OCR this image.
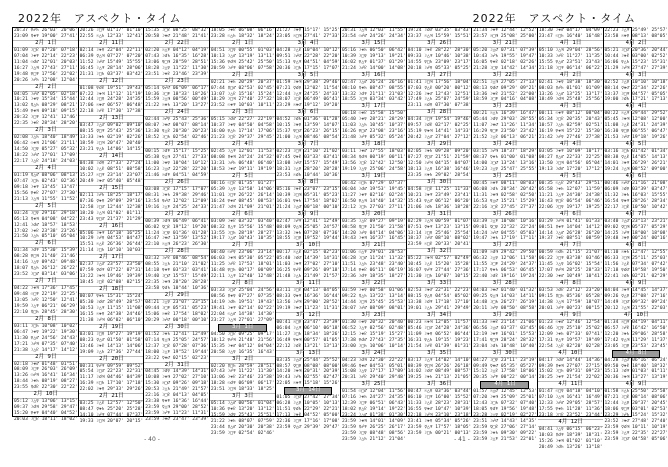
2022年　アスペクト・タイム
20:37 ♀☍♄ 26°03' 20°06'
23:09 ☿⚹♆ 19°00' 27°41'
2月 1日
01:09 ☽□♇ 07°20' 07°18'
07:04 ☽⚹♆ 22°14' 22°23'
11:04 ☉☌♂ 12°01' 20°03'
16:27 ☽△♃ 27°43' 27°11'
19:48 ♀□♆ 17°56' 22°02'
20:26 ☽☍♄ 12°08' 12°04'
2月 2日
04:05 ☽☍♂ 02°05' 02°18'
10:21 ☽⚹♀ 15°34' 15°44'
13:02 ☿△♄ 08°29' 08°21'
15:49 ♀⚹♃ 09°18' 09°15'
20:32 ☽□♆ 12°41' 12°46'
22:35 ☽⚹♇ 28°34' 28°20'
2月 3日
02:08 ☽△♄ 18°40' 18°49'
06:42 ☉⚹♃ 21°06' 21°11'
14:50 ☽□♀ 05°27' 05°32'
18:22 ☽☍♂ 17°01' 17°09'
22:17 ☽△♇ 24°18' 24°03'
2月 4日
01:19 ☿△♂ 08°06' 08°13'
07:47 ☽□♄ 02°43' 02°36'
09:18 ☽⚹♆ 13°45' 13°47'
15:56 ♀⚹♇ 27°07' 27°30'
21:13 ☽△♃ 11°55' 11°52'
2月 5日
03:24 ☽□♀ 29°16' 29°18'
05:13 ☿⚹♃ 04°08' 04°22'
12:41 ☽☌♂ 18°57' 18°53'
17:02 ☽⚹♇ 23°38' 23°26'
21:50 ☽△♄ 05°10' 05°04'
2月 6日
01:34 ☽☌♆ 15°30' 15°39'
08:28 ♀□♃ 21°40' 21°46'
14:16 ☽△♀ 09°42' 09°48'
18:07 ☿△♄ 26°12' 26°22'
23:52 ☽□♂ 03°14' 03°06'
2月 7日
04:22 ☽⚹♃ 17°36' 17°45'
09:48 ☉□♆ 22°19' 22°25'
13:05 ☽☍♇ 12°50' 12°41'
19:59 ☽△♆ 06°21' 06°29'
22:10 ☿□♄ 28°45' 28°30'
2月 8日
03:11 ☽□♄ 10°08' 10°02'
06:47 ☽⚹♀ 19°22' 19°30'
11:30 ♀△♂ 24°56' 24°43'
17:21 ☽☍♃ 07°35' 07°40'
21:38 ☽△♇ 14°17' 14°12'
2月 9日
02:18 ☽⚹♂ 01°48' 01°51'
08:09 ☽□♆ 26°03' 26°09'
13:26 ☉☍♃ 16°41' 16°34'
18:44 ☽⚹♄ 08°19' 08°27'
23:55 ☿☌♇ 22°30' 22°22'
2月 10日
05:12 ☽△♀ 13°06' 13°15'
09:37 ☽☌♃ 29°58' 29°47'
15:20 ♀⚹♆ 04°40' 04°52'
20:03 ☽□♇ 18°11' 18°02'
20:26 ☽□♆ 01°17' 01°10'
22:55 ☉△♄ 12°33' 12°41'
2月 11日
02:14 ☽⚹♀ 22°04' 22°11'
06:39 ☿△♃ 07°27' 07°20'
11:52 ☽☍♂ 15°49' 15°55'
16:45 ☽△♆ 28°14' 28°06'
21:31 ☽□♄ 03°37' 03°42'
2月 12日
01:08 ♀☌♇ 19°51' 19°43'
07:22 ☽⚹♃ 11°12' 11°19'
12:44 ☽□♀ 24°28' 24°35'
17:06 ☉⚹♂ 06°57' 06°48'
22:18 ☽☍♇ 17°30' 17°38'
2月 13日
03:47 ☽△♂ 09°02' 09°10'
08:15 ☿□♆ 25°43' 25°36'
13:33 ☽⚹♄ 02°19' 02°26'
18:59 ☽□♃ 20°47' 20°40'
23:21 ♀△♄ 14°06' 14°15'
2月 14日
04:38 ☽☌♀ 27°33' 27°24'
10:02 ☽△♇ 08°51' 08°58'
15:27 ☉□♆ 23°14' 23°07'
20:49 ☽⚹♂ 05°40' 05°48'
2月 15日
02:11 ☽☍♄ 18°25' 18°17'
07:36 ☿⚹♀ 29°09' 29°16'
12:58 ☽□♂ 12°44' 12°38'
18:20 ☽△♃ 01°02' 01°11'
23:43 ♀□♂ 21°37' 21°29'
2月 16日
05:06 ☽⚹♆ 16°18' 16°25'
10:29 ☽☍♀ 04°53' 04°47'
15:51 ☉△♇ 26°36' 26°44'
21:14 ☽□♄ 10°10' 10°03'
2月 17日
02:37 ☽△♂ 23°57' 23°50'
07:59 ☿☌♆ 07°22' 07°31'
13:22 ☽⚹♃ 19°46' 19°39'
18:45 ☽□♇ 02°08' 02°15'
2月 18日
00:07 ♀⚹♄ 15°31' 15°24'
05:30 ☽☌♂ 28°49' 28°57'
10:53 ☽△♆ 11°15' 11°08'
16:15 ☉⚹♀ 24°38' 24°46'
21:38 ☽☍♃ 06°02' 06°10'
2月 19日
03:01 ☽□♀ 19°27' 19°19'
08:23 ☿△♂ 01°50' 01°58'
13:46 ☽⚹♇ 14°13' 14°06'
19:09 ☽△♄ 27°36' 27°44'
2月 20日
00:31 ♀☍♆ 09°59' 09°52'
05:54 ☽□♂ 22°23' 22°31'
11:17 ☽☌♃ 04°46' 04°39'
16:39 ☉□♄ 17°10' 17°18'
22:02 ☽⚹♀ 29°33' 29°26'
2月 21日
03:25 ☽△♇ 12°57' 12°50'
08:47 ☿⚹♄ 25°20' 25°28'
14:10 ☽☍♆ 07°44' 07°37'
19:33 ☽□♃ 20°07' 20°15'
15:35 ☽□♇ 08°25' 08°32'
20:58 ☽⚹♂ 21°48' 21°41'
2月 22日
02:20 ☉△♆ 04°12' 04°19'
07:43 ☽☌♄ 16°35' 16°28'
13:06 ♀□♃ 28°59' 28°51'
18:28 ☽△♀ 11°22' 11°30'
23:51 ☽⚹♇ 23°46' 23°39'
2月 23日
05:14 ☿☍♂ 06°09' 06°17'
10:36 ☽□♆ 18°33' 18°26'
15:59 ☽△♃ 00°56' 00°49'
21:22 ☉⚹♄ 13°20' 13°27'
2月 24日
02:44 ☽☍♀ 25°43' 25°36'
08:07 ☽⚹♂ 08°07' 08°14'
13:30 ♀△♇ 20°30' 20°23'
18:52 ☽□♄ 02°54' 02°46'
2月 25日
00:15 ☽☌♆ 15°17' 15°25'
05:38 ☿△♃ 27°41' 27°33'
11:00 ☽⚹♀ 10°04' 10°12'
16:23 ☽△♂ 22°28' 22°20'
21:46 ☉☌♆ 04°51' 04°59'
2月 26日
03:08 ☽□♇ 17°15' 17°07'
08:31 ☽⚹♄ 29°38' 29°46'
13:54 ♀☍♂ 12°02' 12°09'
19:16 ☽△♆ 24°25' 24°33'
2月 27日
00:39 ☽☌♃ 06°49' 06°41'
06:02 ☿□♇ 19°12' 19°20'
11:24 ☽□♀ 01°36' 01°28'
16:47 ☽⚹♂ 13°59' 13°52'
22:10 ☉△♃ 26°23' 26°30'
2月 28日
03:32 ☽☍♇ 08°46' 08°54'
08:55 ☽△♄ 21°10' 21°02'
14:18 ♀⚹♆ 03°33' 03°41'
19:40 ☽□♂ 15°57' 15°49'
22:35 ☽⚹♃ 28°20' 28°28'
23:58 ☿☌♄ 10°44' 10°36'
2月 29日
04:21 ☽△♀ 23°07' 23°15'
09:44 ☽□♆ 05°31' 05°23'
15:06 ☉⚹♇ 17°54' 18°02'
20:29 ☽☍♂ 00°18' 00°10'
2月 30日
01:52 ☽⚹♄ 12°41' 12°49'
07:14 ♀△♃ 25°05' 24°57'
12:37 ☽□♇ 07°28' 07°36'
18:00 ☽△♆ 19°52' 19°44'
23:22 ☿⚹♂ 02°15' 02°23'
2月 31日
04:45 ☽☌♀ 14°39' 14°31'
10:08 ☽⚹♃ 27°02' 27°10'
15:30 ☉□♂ 09°26' 09°18'
20:53 ☽△♄ 21°49' 21°57'
22:16 ☽□♇ 04°13' 04°05'
23:38 ♀⚹♆ 16°36' 16°44'
23:59 ☿△♃ 29°00' 28°52'
23:59 ☽☍♆ 11°23' 11°31'
23:59 ☽⚹♂ 23°47' 23°39'
18:05 ☽⚹♇ 06°08' 06°16'
23:28 ☉△♄ 18°32' 18°24'
2月 1日
04:51 ☽□♀ 00°55' 01°03'
10:13 ☽△♂ 13°19' 13°11'
15:36 ♀☌♃ 25°42' 25°50'
20:59 ☽☍♆ 08°06' 07°58'
2月 2日
02:21 ☽⚹♄ 20°29' 20°37'
07:44 ☿□♂ 02°53' 02°45'
13:07 ☽△♇ 15°16' 15°24'
18:29 ☽□♃ 27°40' 27°32'
23:52 ☉⚹♆ 10°03' 10°11'
2月 3日
05:15 ☽☌♂ 22°27' 22°19'
10:37 ☽⚹♀ 04°50' 04°58'
16:00 ♀△♄ 17°14' 17°06'
21:23 ☽□♇ 29°37' 29°45'
2月 4日
02:45 ☽△♆ 12°01' 11°53'
08:08 ☿⚹♃ 24°24' 24°32'
13:31 ☽☍♄ 06°48' 06°40'
18:53 ☽⚹♂ 19°11' 19°19'
2月 5日
00:16 ☉□♇ 01°35' 01°27'
05:39 ☽△♀ 13°58' 14°06'
11:01 ☽□♆ 26°22' 26°14'
16:24 ♀⚹♂ 08°45' 08°53'
21:47 ☽☌♃ 21°09' 21°01'
2月 6日
03:09 ☽⚹♇ 03°32' 03°40'
08:32 ☿△♆ 15°56' 15°48'
13:55 ☽□♄ 28°19' 28°27'
19:17 ☽△♂ 10°43' 10°35'
2月 7日
00:40 ☉☍♀ 23°06' 23°14'
06:03 ☽⚹♃ 05°30' 05°22'
11:25 ☽☍♇ 17°53' 18°01'
16:48 ♀□♄ 00°17' 00°09'
22:11 ☽△♆ 12°40' 12°48'
2月 8日
03:33 ☽□♂ 25°04' 24°56'
08:56 ☿⚹♀ 07°27' 07°35'
14:19 ☽☌♄ 19°51' 19°43'
19:41 ☽⚹♆ 02°14' 02°22'
22:04 ☉△♂ 14°38' 14°30'
23:27 ☽△♃ 27°01' 27°09'
3月 1日
04:50 ☽□♇ 09°25' 09°17'
10:12 ♀☍♃ 21°48' 21°56'
15:35 ☽⚹♂ 04°12' 04°04'
20:58 ☽△♀ 16°35' 16°43'
3月 2日
02:20 ☿□♄ 28°59' 28°51'
07:43 ☽☍♆ 11°22' 11°30'
13:06 ☽⚹♇ 23°46' 23°38'
18:28 ☉☌♆ 06°09' 06°17'
23:51 ☽□♃ 18°33' 18°25'
3月 3日
05:14 ☽△♂ 00°56' 01°04'
10:36 ♀⚹♇ 13°20' 13°12'
15:59 ☽☌♀ 25°43' 25°51'
21:22 ☽⚹♄ 08°07' 07°59'
23:44 ☿△♂ 20°30' 20°38'
23:59 ☽□♆ 02°54' 02°46'
21:27 ☽⚹♀ 15°17' 15°25'
23:05 ☉□♃ 27°41' 27°33'
3月 4日
04:28 ☽△♇ 10°04' 10°12'
09:51 ☽☍♂ 22°28' 22°20'
15:13 ♀△♆ 04°51' 04°59'
20:36 ☽□♄ 17°15' 17°07'
3月 5日
01:59 ☽⚹♃ 29°38' 29°46'
07:21 ☿☌♀ 12°02' 11°54'
12:44 ☽△♆ 24°25' 24°33'
18:07 ☽□♇ 06°49' 06°41'
23:29 ☉⚹♂ 19°12' 19°20'
3月 6日
04:52 ☽☌♄ 01°36' 01°28'
10:15 ☽⚹♀ 13°59' 14°07'
15:37 ♀□♂ 26°23' 26°15'
21:00 ☽△♃ 08°46' 08°54'
3月 7日
02:23 ☽□♆ 21°10' 21°02'
07:45 ☿⚹♇ 03°33' 03°41'
13:08 ☽☍♂ 15°57' 15°49'
18:31 ☽△♀ 28°20' 28°28'
23:53 ☉☌♄ 10°44' 10°36'
3月 8日
05:16 ☽⚹♇ 23°07' 23°15'
10:39 ☽□♃ 05°31' 05°23'
16:01 ♀⚹♄ 17°54' 18°02'
21:24 ☽△♂ 00°18' 00°10'
3月 9日
02:47 ☽☍♆ 12°41' 12°49'
08:09 ☿△♃ 25°05' 24°57'
13:32 ☽⚹♄ 07°28' 07°36'
18:55 ☽□♀ 19°52' 19°44'
3月 10日
00:17 ☉△♇ 02°15' 02°23'
05:40 ☽☌♂ 14°39' 14°31'
11:03 ☽⚹♆ 27°02' 27°10'
16:25 ♀☍♇ 09°26' 09°18'
21:48 ☽△♄ 21°49' 21°57'
3月 11日
03:11 ☽□♇ 04°13' 04°05'
08:33 ☿⚹♆ 16°36' 16°44'
13:56 ☽☍♃ 29°00' 28°52'
19:19 ☽⚹♂ 11°23' 11°31'
3月 12日
00:41 ☉□♀ 23°47' 23°39'
06:04 ☽△♆ 06°10' 06°18'
11:27 ☽□♄ 18°34' 18°26'
16:49 ♀⚹♃ 00°57' 01°05'
22:12 ☽☌♇ 13°21' 13°13'
3月 13日
03:35 ☽△♂ 25°44' 25°52'
08:57 ☿□♀ 08°08' 08°00'
14:20 ☽⚹♃ 20°31' 20°39'
19:43 ☽☍♄ 02°55' 02°47'
22:05 ☉⚹♆ 15°18' 15°26'
3月 14日
01:05 ☽□♂ 27°42' 27°34'
06:28 ☽△♀ 10°05' 10°13'
11:51 ♀☌♄ 22°29' 22°21'
17:13 ☽⚹♇ 04°52' 05°00'
22:36 ☽□♆ 17°16' 17°08'
23:59 ☿△♂ 29°39' 29°47'
- 40 -
2022年　アスペクト・タイム
20:31 ☽△♃ 12°03' 11°55'
23:54 ☉☍♂ 24°26' 24°34'
3月 15日
05:16 ☽⚹♄ 06°50' 06°42'
10:39 ☽□♀ 19°13' 19°21'
16:02 ♀△♆ 01°37' 01°29'
21:24 ☽☍♇ 14°00' 14°08'
3月 16日
02:47 ☽△♂ 26°24' 26°16'
08:10 ☿⚹♄ 08°47' 08°55'
13:32 ☽☌♆ 21°11' 21°03'
18:55 ☽□♃ 03°34' 03°42'
3月 17日
00:18 ☉⚹♇ 15°58' 15°50'
05:40 ☽⚹♀ 28°21' 28°29'
11:03 ☽△♄ 10°45' 10°37'
16:26 ♀□♂ 23°08' 23°16'
21:48 ☽☍♆ 05°32' 05°24'
3月 18日
03:11 ☽⚹♂ 17°55' 18°03'
08:34 ☿☌♃ 00°19' 00°11'
13:56 ☽□♇ 12°42' 12°50'
19:19 ☽△♀ 25°06' 24°58'
3月 19日
00:42 ☉□♄ 07°29' 07°37'
06:04 ☽☌♂ 19°53' 19°45'
11:27 ☽⚹♆ 02°16' 02°24'
16:50 ♀△♃ 14°40' 14°32'
22:12 ☽□♄ 27°03' 27°11'
3月 20日
03:35 ☽△♇ 09°27' 09°19'
08:58 ☿□♆ 21°50' 21°58'
14:20 ☽☍♀ 04°14' 04°06'
19:43 ☽⚹♃ 16°37' 16°45'
3月 21日
01:06 ☉△♆ 29°01' 28°53'
06:28 ☽□♂ 11°24' 11°32'
11:51 ☽△♄ 23°48' 23°40'
17:14 ♀⚹♇ 06°11' 06°19'
22:36 ☽☌♆ 18°35' 18°27'
3月 22日
03:59 ☽⚹♀ 00°58' 01°06'
09:22 ☿△♄ 13°22' 13°14'
14:44 ☽□♃ 25°45' 25°53'
20:07 ☽☍♂ 08°09' 08°01'
3月 23日
01:30 ☉⚹♀ 20°32' 20°40'
06:52 ☽△♆ 02°56' 02°48'
12:15 ☽⚹♇ 15°19' 15°27'
17:38 ♀☌♂ 27°43' 27°35'
23:00 ☽□♄ 10°06' 10°14'
3月 24日
04:23 ☽☌♃ 22°30' 22°22'
09:46 ☿⚹♂ 04°53' 05°01'
15:08 ☽△♀ 17°17' 17°09'
20:31 ☽☍♇ 29°40' 29°48'
3月 25日
01:54 ☉□♂ 12°04' 11°56'
07:16 ☽⚹♄ 24°27' 24°35'
12:39 ☽□♆ 06°51' 06°43'
18:02 ♀△♇ 19°14' 19°22'
23:24 ☽△♂ 01°38' 01°30'
23:59 ☽⚹♃ 14°01' 14°09'
23:59 ☿☍♆ 26°25' 26°17'
23:59 ☽□♀ 08°48' 08°56'
23:59 ☽△♄ 21°12' 21°04'
19:24 ☽☌♂ 03°35' 03°43'
23:37 ☉△♃ 15°59' 15°51'
3月 26日
04:10 ☽⚹♇ 28°22' 28°30'
09:33 ☽△♆ 10°46' 10°38'
14:55 ♀□♄ 23°09' 23°17'
20:18 ☽☍♀ 05°33' 05°25'
3月 27日
01:41 ☽□♃ 17°56' 18°04'
07:03 ☿△♇ 00°20' 00°12'
12:26 ☽⚹♂ 12°43' 12°51'
17:49 ☽△♄ 25°07' 24°59'
23:11 ☉☌♀ 07°30' 07°38'
3月 28日
04:34 ☽□♆ 19°54' 19°46'
09:57 ☽☌♇ 02°17' 02°25'
15:19 ♀⚹♃ 14°41' 14°33'
20:42 ☽△♂ 27°04' 27°12'
3月 29日
02:05 ☽⚹♄ 09°28' 09°20'
07:27 ☿□♂ 21°51' 21°59'
12:50 ☽☍♃ 04°15' 04°07'
18:13 ☽△♀ 16°38' 16°46'
23:35 ☉⚹♄ 29°02' 28°54'
3月 30日
04:58 ☽□♇ 11°25' 11°33'
10:21 ☽⚹♆ 23°49' 23°41'
15:43 ♀△♂ 06°12' 06°20'
21:06 ☽☌♄ 18°36' 18°28'
3月 31日
02:29 ☽△♃ 00°59' 01°07'
07:51 ☿⚹♆ 13°23' 13°15'
13:14 ☽□♀ 25°46' 25°54'
18:37 ☽☍♂ 08°10' 08°02'
23:59 ☉□♇ 20°33' 20°41'
3月 32日
05:22 ☽⚹♃ 02°57' 02°49'
10:45 ☽△♇ 15°20' 15°28'
16:07 ♀☍♆ 27°44' 27°36'
21:30 ☽□♄ 10°07' 10°15'
3月 33日
02:53 ☽⚹♂ 22°31' 22°23'
08:15 ☿△♀ 04°54' 05°02'
13:38 ☽☌♆ 17°18' 17°10'
19:01 ☽△♄ 29°41' 29°49'
3月 34日
00:23 ☉⚹♃ 12°05' 11°57'
05:46 ☽□♂ 24°28' 24°36'
11:09 ☽⚹♀ 06°52' 06°44'
16:31 ♀△♄ 19°15' 19°23'
21:54 ☽☍♇ 01°39' 01°31'
3月 35日
03:17 ☽△♆ 14°02' 14°10'
08:39 ☿□♃ 26°26' 26°18'
14:02 ☽☌♂ 08°49' 08°57'
19:25 ☽⚹♄ 21°13' 21°05'
3月 36日
00:47 ☉△♀ 03°36' 03°44'
06:10 ☽□♆ 16°00' 15°52'
11:33 ☽△♇ 28°23' 28°31'
16:55 ♀⚹♂ 10°47' 10°39'
22:18 ☽☍♃ 23°10' 23°18'
23:41 ☽⚹♀ 05°34' 05°26'
23:59 ☿△♆ 17°57' 18°05'
23:59 ☽□♄ 00°21' 00°13'
21:34 ☽⚹♆ 12°44' 12°52'
23:57 ☉□♃ 25°08' 25°00'
3月 21日
05:20 ☽△♂ 07°31' 07°39'
10:43 ☽☍♄ 19°55' 19°47'
16:05 ♀⚹♇ 02°18' 02°26'
21:28 ☽□♀ 14°42' 14°34'
3月 22日
02:51 ☽△♃ 27°05' 27°13'
08:13 ☿☌♂ 09°29' 09°21'
13:36 ☽⚹♇ 21°52' 22°00'
18:59 ☽□♆ 04°16' 04°08'
3月 23日
00:21 ☉△♄ 16°39' 16°47'
05:44 ☽☌♀ 29°03' 28°55'
11:07 ☽⚹♂ 11°26' 11°34'
16:29 ♀□♆ 23°50' 23°42'
21:52 ☽△♇ 06°13' 06°21'
3月 24日
03:15 ☽☍♃ 18°37' 18°29'
08:37 ☿⚹♄ 01°00' 01°08'
14:00 ☽□♂ 13°24' 13°16'
19:23 ☽△♀ 25°47' 25°55'
3月 25日
00:45 ☉⚹♆ 08°11' 08°03'
06:08 ☽☌♄ 20°34' 20°42'
11:31 ☽⚹♃ 02°58' 02°50'
16:53 ♀△♂ 15°21' 15°29'
22:16 ☽□♇ 27°45' 27°37'
3月 26日
03:39 ☽△♆ 10°08' 10°16'
09:01 ☿□♀ 22°32' 22°24'
14:24 ☽☍♂ 04°55' 05°03'
19:47 ☽⚹♄ 17°19' 17°11'
3月 27日
01:09 ☉☌♃ 29°42' 29°50'
06:32 ☽△♀ 12°06' 11°58'
11:55 ☽□♆ 24°29' 24°37'
17:17 ♀⚹♄ 06°53' 06°45'
22:40 ☽☌♇ 19°16' 19°24'
3月 28日
04:03 ☽⚹♂ 01°40' 01°32'
09:25 ☿△♃ 14°03' 14°11'
14:48 ☽□♄ 26°27' 26°19'
20:11 ☽☍♀ 08°50' 08°58'
3月 29日
01:33 ☉⚹♇ 21°14' 21°06'
06:56 ☽△♂ 03°37' 03°45'
12:19 ☽⚹♆ 16°01' 15°53'
17:41 ♀□♃ 28°24' 28°32'
23:04 ☽☌♄ 10°48' 10°40'
3月 30日
04:27 ☽□♀ 23°11' 23°19'
09:49 ☿⚹♂ 05°35' 05°27'
15:12 ☽△♇ 17°58' 18°06'
20:35 ☽☍♆ 00°22' 00°14'
4月 1日
01:57 ☉△♂ 12°45' 12°53'
07:20 ☽⚹♃ 25°09' 25°01'
12:43 ☽□♄ 07°32' 07°40'
18:05 ♀☌♆ 19°56' 19°48'
23:28 ☽△♀ 02°19' 02°27'
23:51 ☽☍♂ 14°43' 14°35'
23:59 ☿□♇ 27°06' 27°14'
23:59 ☽⚹♄ 09°30' 09°22'
23:59 ☽△♆ 21°53' 22°01'
18:30 ☽⚹♂ 04°17' 04°09'
23:47 ☉□♄ 16°40' 16°48'
4月 1日
05:10 ☽△♃ 29°04' 28°56'
10:33 ☽☍♇ 11°27' 11°35'
15:55 ♀△♂ 23°51' 23°43'
21:18 ☽□♆ 06°14' 06°22'
4月 2日
02:41 ☽⚹♀ 18°38' 18°30'
08:03 ☿☍♄ 01°01' 01°09'
13:26 ☽△♂ 13°25' 13°17'
18:49 ☽☌♃ 25°48' 25°56'
4月 3日
00:11 ☉⚹♆ 08°12' 08°04'
05:34 ☽□♇ 20°35' 20°43'
10:57 ☽△♄ 02°59' 02°51'
16:19 ♀⚹♃ 15°22' 15°30'
21:42 ☽☍♀ 27°46' 27°38'
4月 4日
03:05 ☽⚹♆ 10°09' 10°17'
08:27 ☿△♂ 22°33' 22°25'
13:50 ☽□♃ 04°56' 05°04'
19:13 ☽☌♂ 17°20' 17°12'
4月 5日
00:35 ☉△♇ 29°43' 29°51'
05:58 ☽⚹♄ 12°07' 11°59'
11:21 ☽△♆ 24°30' 24°38'
16:43 ♀□♇ 06°54' 06°46'
22:06 ☽□♀ 19°17' 19°25'
4月 6日
03:29 ☽☍♃ 01°41' 01°33'
08:51 ☿⚹♆ 14°04' 14°12'
14:14 ☽△♂ 26°28' 26°20'
19:37 ☽⚹♇ 08°51' 08°59'
4月 7日
00:59 ☉☌♄ 21°15' 21°07'
06:22 ☽□♆ 03°38' 03°46'
11:45 ☽△♀ 16°02' 15°54'
17:07 ♀☍♃ 28°25' 28°33'
22:30 ☽⚹♂ 10°49' 10°41'
4月 8日
03:53 ☽☌♇ 23°12' 23°20'
09:15 ☿□♄ 05°36' 05°28'
14:38 ☽△♃ 17°59' 18°07'
20:01 ☽☍♆ 00°23' 00°15'
4月 9日
01:23 ☉⚹♂ 12°46' 12°54'
06:46 ☽□♀ 25°10' 25°02'
12:09 ☽⚹♄ 07°33' 07°41'
17:31 ♀△♆ 19°57' 19°49'
22:54 ☽△♇ 02°20' 02°28'
4月 10日
04:17 ☽☌♂ 14°44' 14°36'
09:39 ☿⚹♃ 27°07' 27°15'
15:02 ☽□♄ 09°31' 09°23'
20:25 ☽⚹♆ 21°54' 22°02'
4月 11日
01:47 ☉□♀ 04°18' 04°10'
07:10 ☽△♃ 16°41' 16°49'
12:33 ☽☍♂ 29°05' 28°57'
17:55 ♀⚹♄ 11°28' 11°36'
23:18 ☽□♇ 23°52' 23°44'
4月 12日
04:41 ☽△♀ 06°15' 06°23'
10:03 ☿☌♆ 18°39' 18°31'
15:26 ☽⚹♃ 01°02' 01°10'
20:49 ☽☌♄ 13°26' 13°18'
22:23 ☽△♆ 25°49' 25°57'
23:58 ☉⚹♀ 08°13' 08°05'
4月 2日
05:21 ☽□♂ 20°36' 20°44'
10:44 ☽⚹♇ 03°00' 02°52'
16:06 ♀△♄ 15°23' 15°31'
21:29 ☽☍♃ 27°47' 27°39'
4月 3日
02:52 ☽△♀ 10°10' 10°18'
08:14 ☿⚹♂ 22°34' 22°26'
13:37 ☽□♆ 04°57' 05°05'
19:00 ☽☌♄ 17°21' 17°13'
4月 4日
00:22 ☉△♆ 29°44' 29°52'
05:45 ☽⚹♃ 12°08' 12°00'
11:08 ☽△♇ 24°31' 24°39'
16:30 ♀□♀ 06°55' 06°47'
21:53 ☽☍♂ 19°18' 19°26'
4月 5日
03:16 ☽□♄ 01°42' 01°34'
08:38 ☿△♇ 14°05' 14°13'
14:01 ☽⚹♆ 26°29' 26°21'
19:24 ☽△♃ 08°52' 09°00'
4月 6日
00:46 ☉☍♂ 21°16' 21°08'
06:09 ☽☌♀ 03°39' 03°47'
11:32 ☽⚹♄ 16°03' 15°55'
16:54 ♀⚹♆ 28°26' 28°34'
22:17 ☽□♇ 10°50' 10°42'
4月 7日
03:40 ☽△♂ 23°13' 23°21'
09:02 ☿□♃ 05°37' 05°29'
14:25 ☽☍♆ 18°00' 18°08'
19:48 ☽⚹♀ 00°24' 00°16'
4月 8日
01:10 ☉⚹♄ 12°47' 12°55'
06:33 ☽□♃ 25°11' 25°03'
11:56 ☽△♇ 07°34' 07°42'
17:18 ♀☌♂ 19°58' 19°50'
22:41 ☽☌♄ 02°21' 02°29'
4月 9日
04:04 ☽⚹♆ 14°45' 14°37'
09:26 ☿△♀ 27°08' 27°16'
14:49 ☽□♂ 09°32' 09°24'
20:12 ☽△♃ 21°55' 22°03'
4月 10日
01:34 ☉□♆ 04°19' 04°11'
06:57 ☽☍♇ 16°42' 16°50'
12:20 ☽⚹♄ 29°06' 28°58'
17:42 ♀△♃ 11°29' 11°37'
23:05 ☽□♀ 23°53' 23°45'
4月 8日
04:28 ☽△♂ 06°16' 06°24'
09:50 ☿⚹♇ 18°40' 18°32'
15:13 ☽☌♆ 01°03' 01°11'
20:36 ☽⚹♃ 13°27' 13°19'
4月 9日
01:58 ☉△♄ 25°50' 25°58'
07:21 ☽□♇ 08°14' 08°06'
12:44 ☽△♀ 20°37' 20°45'
18:06 ♀□♆ 03°01' 02°53'
23:29 ☽☍♄ 15°24' 15°32'
23:52 ☽⚹♂ 27°48' 27°40'
23:59 ☿☌♃ 10°11' 10°19'
23:59 ☽△♆ 22°35' 22°27'
23:59 ☽□♂ 04°58' 05°06'
- 41 -
